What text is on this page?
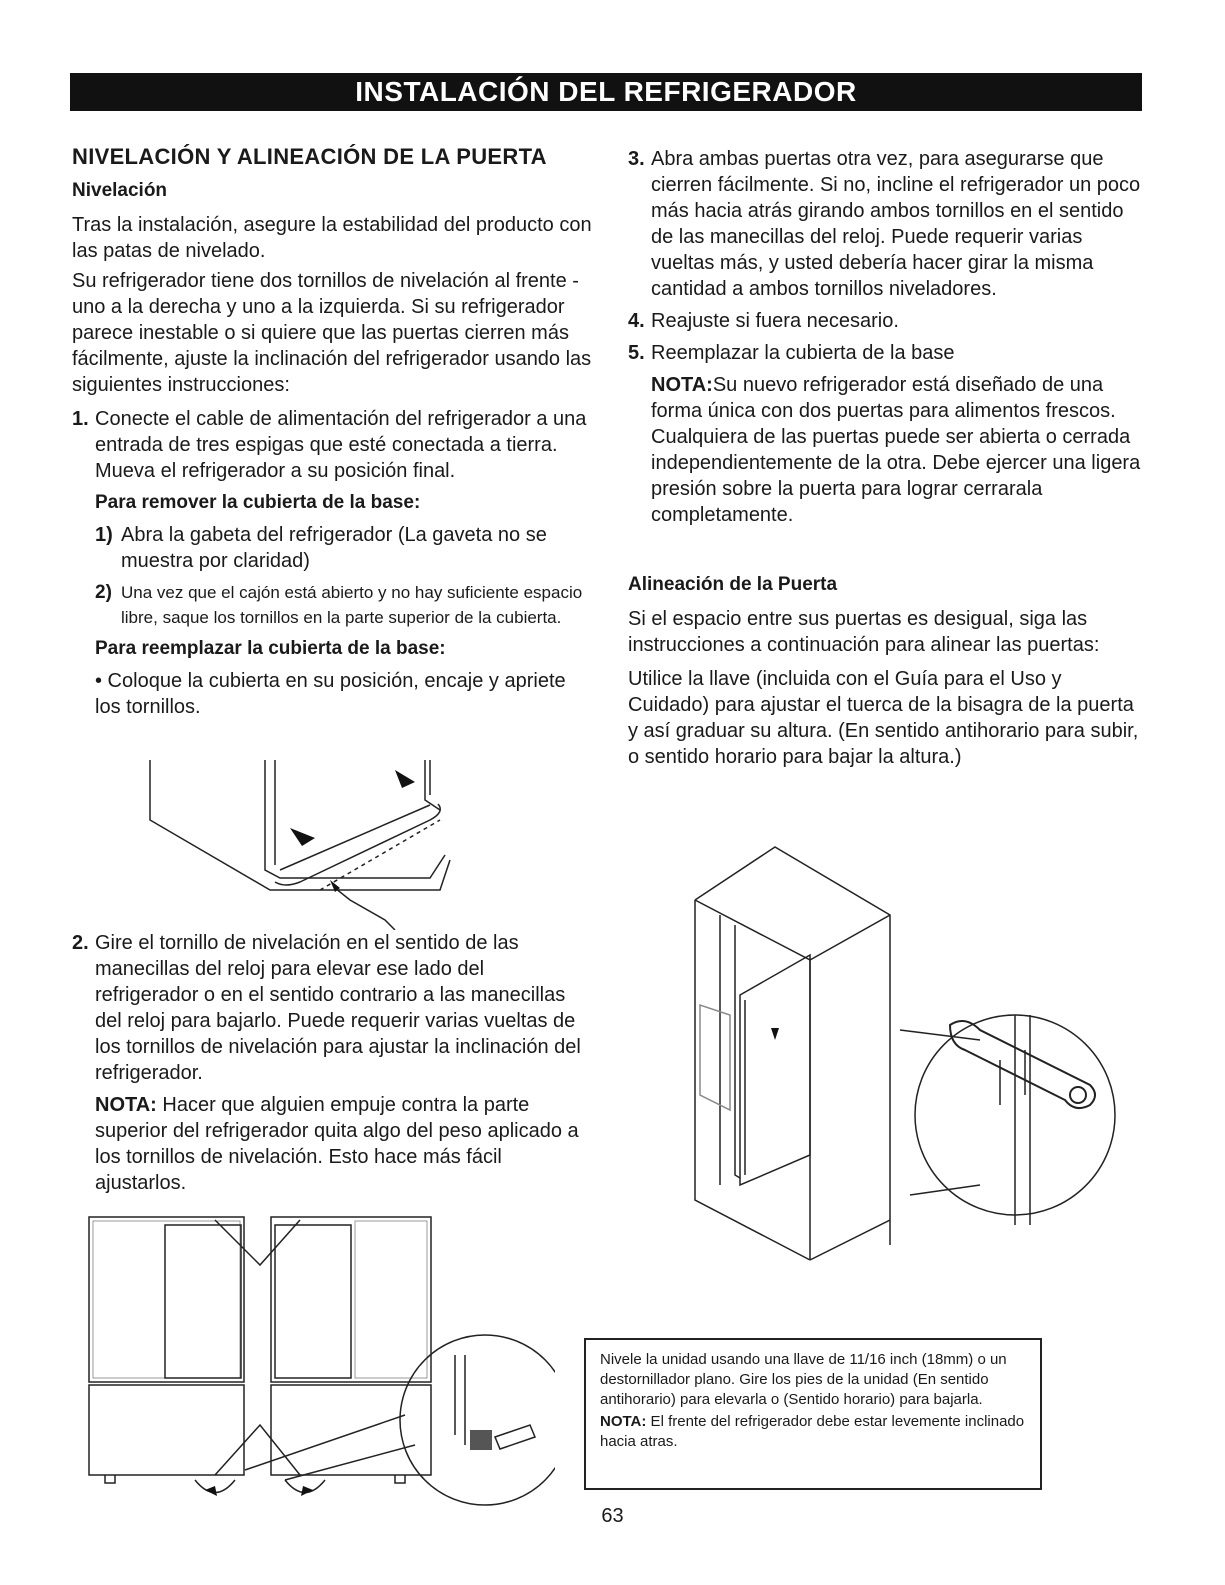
INSTALACIÓN DEL REFRIGERADOR
NIVELACIÓN Y ALINEACIÓN DE LA PUERTA
Nivelación

Tras la instalación, asegure la estabilidad del producto con las patas de nivelado.

Su refrigerador tiene dos tornillos de nivelación al frente -uno a la derecha y uno a la izquierda. Si su refrigerador parece inestable o si quiere que las puertas cierren más fácilmente, ajuste la inclinación del refrigerador usando las siguientes instrucciones:

1. Conecte el cable de alimentación del refrigerador a una entrada de tres espigas que esté conectada a tierra. Mueva el refrigerador a su posición final.
Para remover la cubierta de la base:
1) Abra la gabeta del refrigerador (La gaveta no se muestra por claridad)
2) Una vez que el cajón está abierto y no hay suficiente espacio libre, saque los tornillos en la parte superior de la cubierta.
Para reemplazar la cubierta de la base:

• Coloque la cubierta en su posición, encaje y apriete los tornillos.

2. Gire el tornillo de nivelación en el sentido de las manecillas del reloj para elevar ese lado del refrigerador o en el sentido contrario a las manecillas del reloj para bajarlo. Puede requerir varias vueltas de los tornillos de nivelación para ajustar la inclinación del refrigerador.

NOTA: Hacer que alguien empuje contra la parte superior del refrigerador quita algo del peso aplicado a los tornillos de nivelación. Esto hace más fácil ajustarlos.

3. Abra ambas puertas otra vez, para asegurarse que cierren fácilmente. Si no, incline el refrigerador un poco más hacia atrás girando ambos tornillos en el sentido de las manecillas del reloj. Puede requerir varias vueltas más, y usted debería hacer girar la misma cantidad a ambos tornillos niveladores.
4. Reajuste si fuera necesario.
5. Reemplazar la cubierta de la base

NOTA:Su nuevo refrigerador está diseñado de una forma única con dos puertas para alimentos frescos. Cualquiera de las puertas puede ser abierta o cerrada independientemente de la otra. Debe ejercer una ligera presión sobre la puerta para lograr cerrarala completamente.

Alineación de la Puerta

Si el espacio entre sus puertas es desigual, siga las instrucciones a continuación para alinear las puertas:

Utilice la llave (incluida con el Guía para el Uso y Cuidado) para ajustar el tuerca de la bisagra de la puerta y así graduar su altura. (En sentido antihorario para subir, o sentido horario para bajar la altura.)

Nivele la unidad usando una llave de 11/16 inch (18mm) o un destornillador plano. Gire los pies de la unidad (En sentido antihorario) para elevarla o (Sentido horario) para bajarla.
NOTA: El frente del refrigerador debe estar levemente inclinado hacia atras.
63
